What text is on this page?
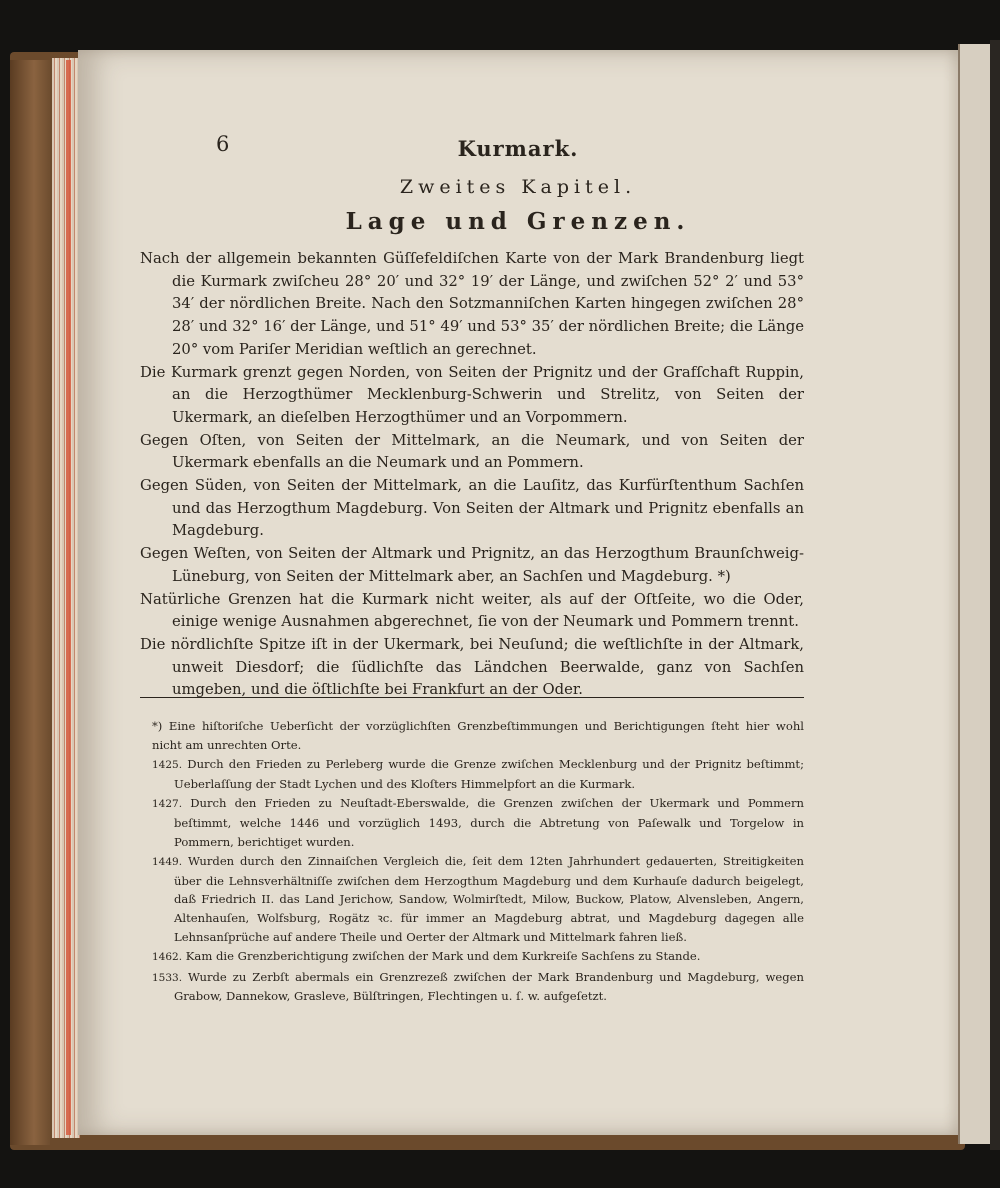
6	Kurmark.
Zweites Kapitel.
Lage und Grenzen.

Nach der allgemein bekannten Güſſefeldiſchen Karte von der Mark Brandenburg liegt die Kurmark zwiſcheu 28° 20′ und 32° 19′ der Länge, und zwiſchen 52° 2′ und 53° 34′ der nördlichen Breite. Nach den Sotzmanniſchen Karten hingegen zwiſchen 28° 28′ und 32° 16′ der Länge, und 51° 49′ und 53° 35′ der nördlichen Breite; die Länge 20° vom Pariſer Meridian weſtlich an gerechnet.

Die Kurmark grenzt gegen Norden, von Seiten der Prignitz und der Grafſchaft Ruppin, an die Herzogthümer Mecklenburg-Schwerin und Strelitz, von Seiten der Ukermark, an dieſelben Herzogthümer und an Vorpommern.

Gegen Oſten, von Seiten der Mittelmark, an die Neumark, und von Seiten der Ukermark ebenfalls an die Neumark und an Pommern.

Gegen Süden, von Seiten der Mittelmark, an die Lauſitz, das Kurfürſtenthum Sachſen und das Herzogthum Magdeburg. Von Seiten der Altmark und Prignitz ebenfalls an Magdeburg.

Gegen Weſten, von Seiten der Altmark und Prignitz, an das Herzogthum Braunſchweig-Lüneburg, von Seiten der Mittelmark aber, an Sachſen und Magdeburg. *)

Natürliche Grenzen hat die Kurmark nicht weiter, als auf der Oſtſeite, wo die Oder, einige wenige Ausnahmen abgerechnet, ſie von der Neumark und Pommern trennt.

Die nördlichſte Spitze iſt in der Ukermark, bei Neuſund; die weſtlichſte in der Altmark, unweit Diesdorf; die ſüdlichſte das Ländchen Beerwalde, ganz von Sachſen umgeben, und die öſtlichſte bei Frankfurt an der Oder.

*) Eine hiſtoriſche Ueberſicht der vorzüglichſten Grenzbeſtimmungen und Berichtigungen ſteht hier wohl nicht am unrechten Orte.

1425. Durch den Frieden zu Perleberg wurde die Grenze zwiſchen Mecklenburg und der Prignitz beſtimmt; Ueberlaſſung der Stadt Lychen und des Kloſters Himmelpfort an die Kurmark.

1427. Durch den Frieden zu Neuſtadt-Eberswalde, die Grenzen zwiſchen der Ukermark und Pommern beſtimmt, welche 1446 und vorzüglich 1493, durch die Abtretung von Paſewalk und Torgelow in Pommern, berichtiget wurden.

1449. Wurden durch den Zinnaiſchen Vergleich die, ſeit dem 12ten Jahrhundert gedauerten, Streitigkeiten über die Lehnsverhältniſſe zwiſchen dem Herzogthum Magdeburg und dem Kurhauſe dadurch beigelegt, daß Friedrich II. das Land Jerichow, Sandow, Wolmirſtedt, Milow, Buckow, Platow, Alvensleben, Angern, Altenhauſen, Wolfsburg, Rogätz ꝛc. für immer an Magdeburg abtrat, und Magdeburg dagegen alle Lehnsanſprüche auf andere Theile und Oerter der Altmark und Mittelmark fahren ließ.

1462. Kam die Grenzberichtigung zwiſchen der Mark und dem Kurkreiſe Sachſens zu Stande.

1533. Wurde zu Zerbſt abermals ein Grenzrezeß zwiſchen der Mark Brandenburg und Magdeburg, wegen Grabow, Dannekow, Grasleve, Bülſtringen, Flechtingen u. ſ. w. aufgeſetzt.
